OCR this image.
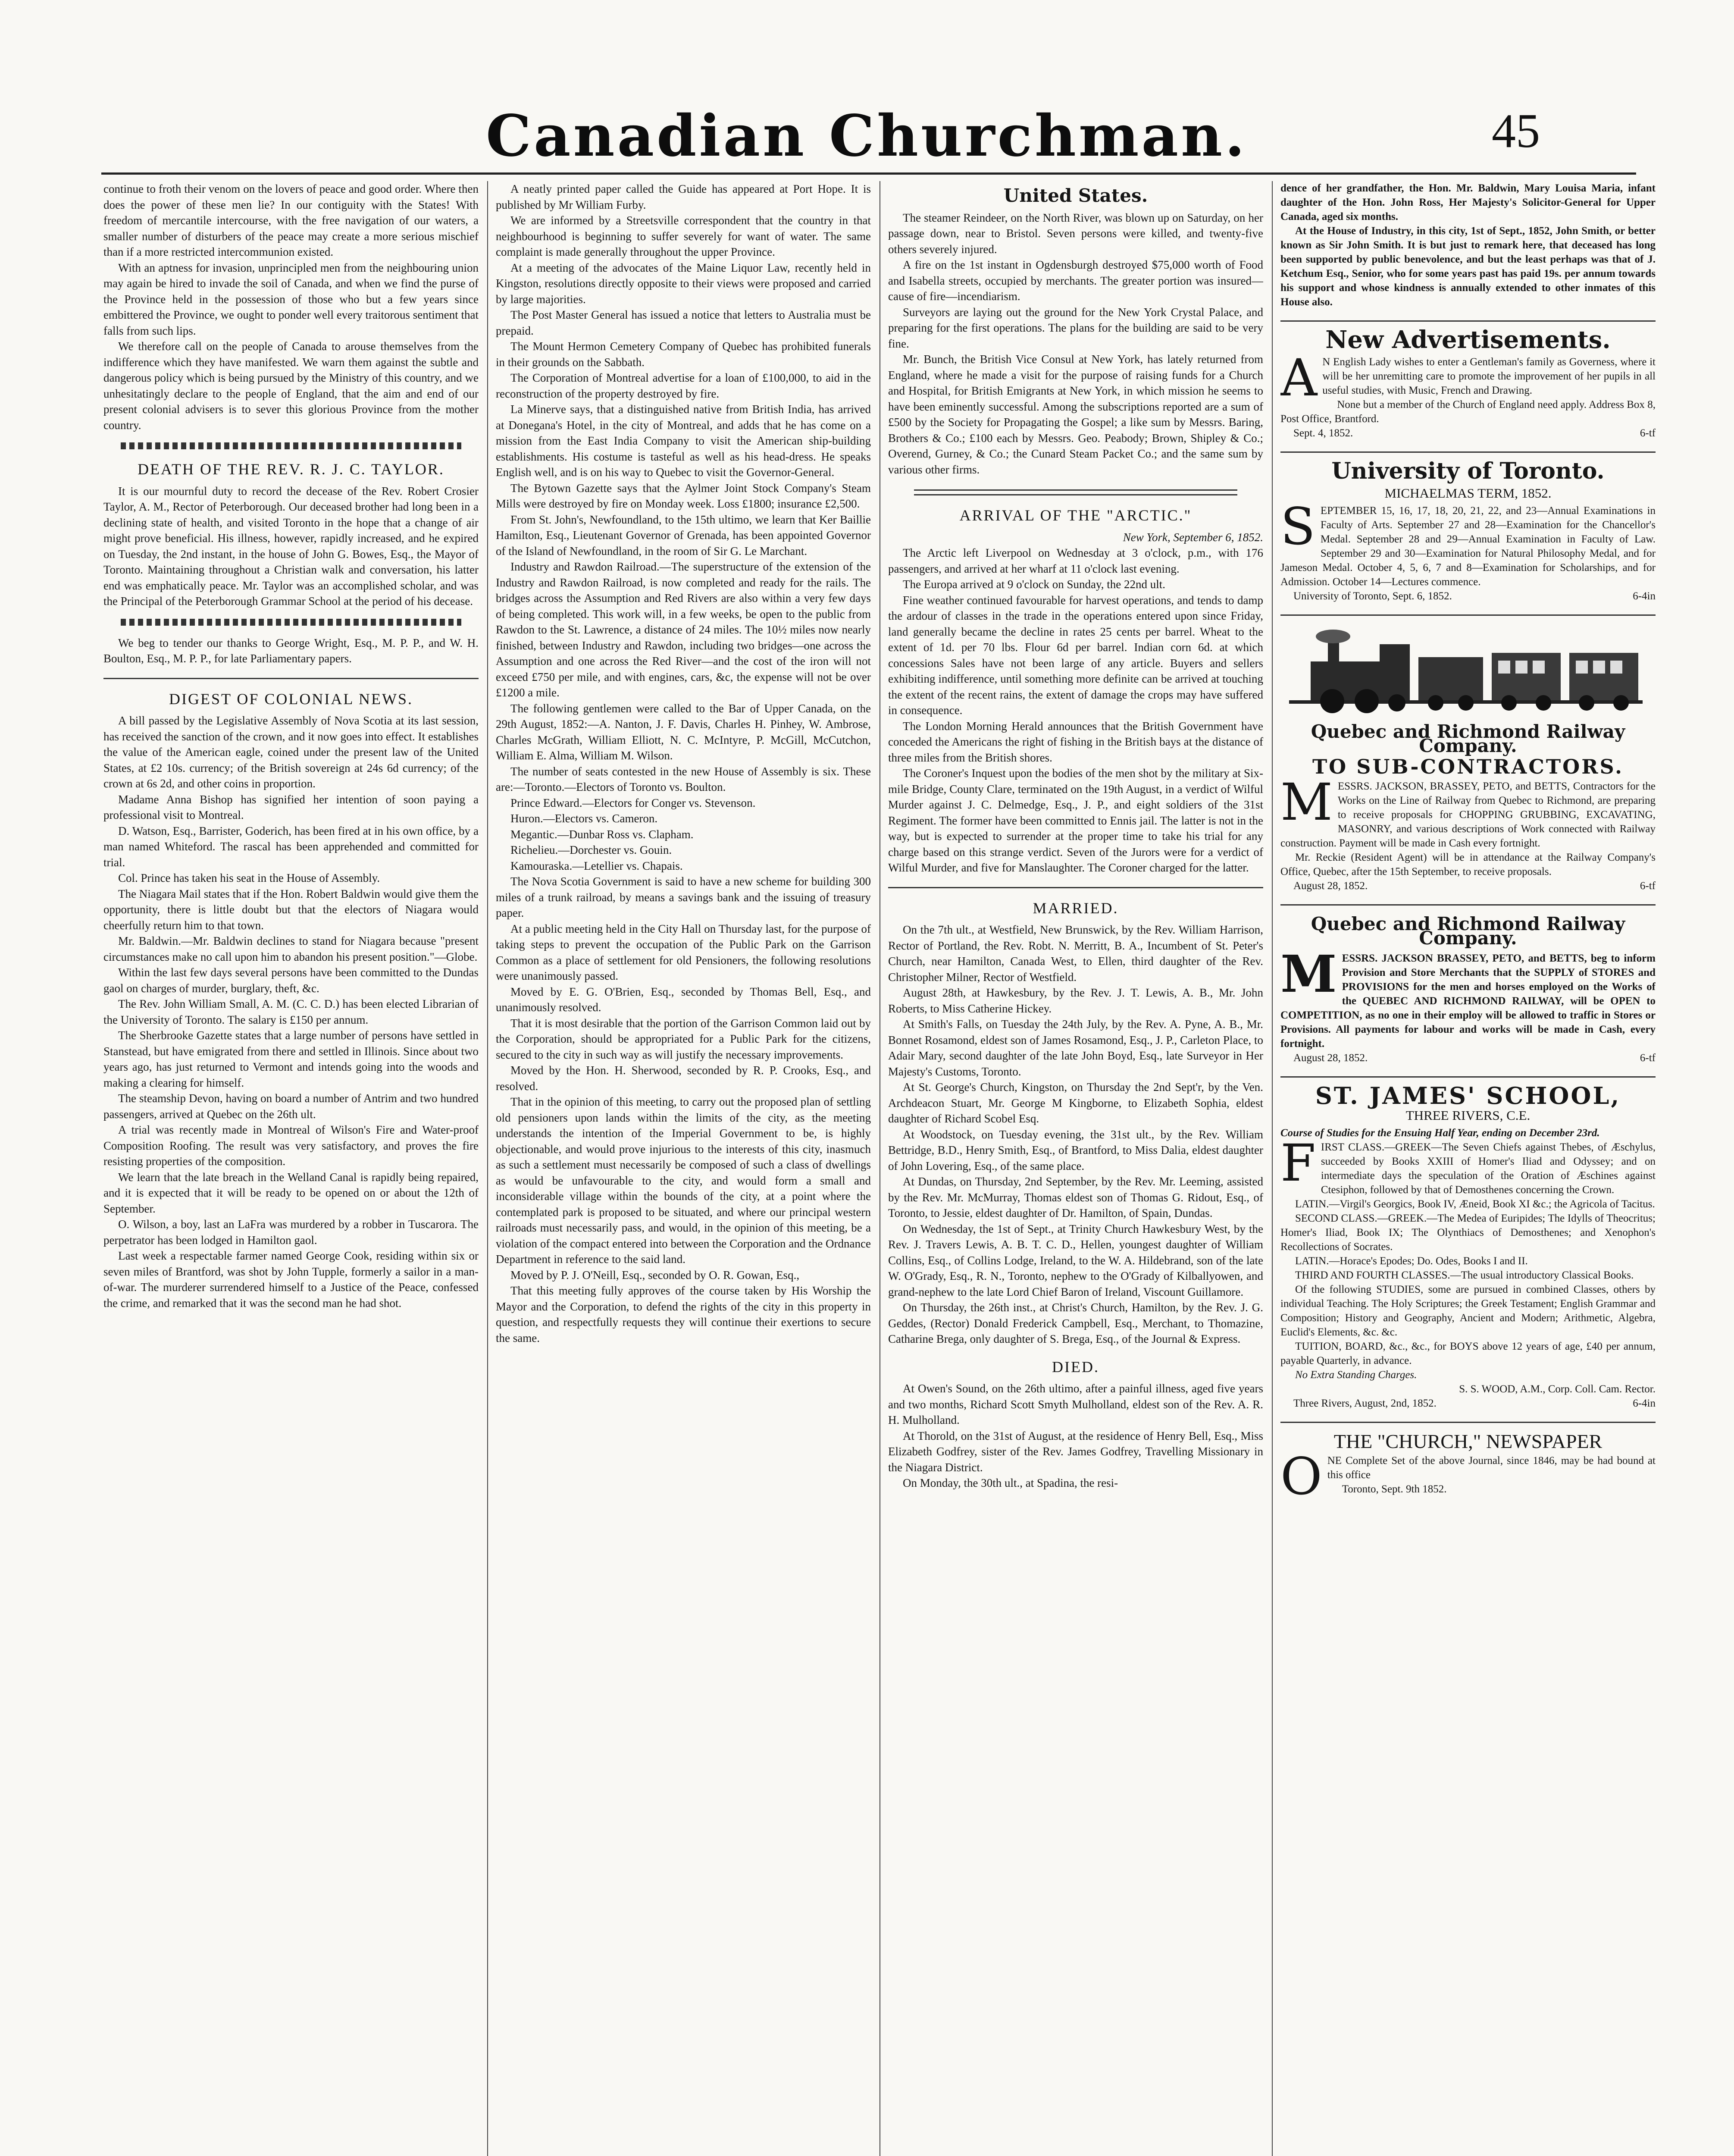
Canadian Churchman.	45

continue to froth their venom on the lovers of peace and good order. Where then does the power of these men lie? In our contiguity with the States! With freedom of mercantile intercourse, with the free navigation of our waters, a smaller number of disturbers of the peace may create a more serious mischief than if a more restricted intercommunion existed.

With an aptness for invasion, unprincipled men from the neighbouring union may again be hired to invade the soil of Canada, and when we find the purse of the Province held in the possession of those who but a few years since embittered the Province, we ought to ponder well every traitorous sentiment that falls from such lips.

We therefore call on the people of Canada to arouse themselves from the indifference which they have manifested. We warn them against the subtle and dangerous policy which is being pursued by the Ministry of this country, and we unhesitatingly declare to the people of England, that the aim and end of our present colonial advisers is to sever this glorious Province from the mother country.

DEATH OF THE REV. R. J. C. TAYLOR.

It is our mournful duty to record the decease of the Rev. Robert Crosier Taylor, A. M., Rector of Peterborough. Our deceased brother had long been in a declining state of health, and visited Toronto in the hope that a change of air might prove beneficial. His illness, however, rapidly increased, and he expired on Tuesday, the 2nd instant, in the house of John G. Bowes, Esq., the Mayor of Toronto. Maintaining throughout a Christian walk and conversation, his latter end was emphatically peace. Mr. Taylor was an accomplished scholar, and was the Principal of the Peterborough Grammar School at the period of his decease.

We beg to tender our thanks to George Wright, Esq., M. P. P., and W. H. Boulton, Esq., M. P. P., for late Parliamentary papers.

DIGEST OF COLONIAL NEWS.

A bill passed by the Legislative Assembly of Nova Scotia at its last session, has received the sanction of the crown, and it now goes into effect. It establishes the value of the American eagle, coined under the present law of the United States, at £2 10s. currency; of the British sovereign at 24s 6d currency; of the crown at 6s 2d, and other coins in proportion.

Madame Anna Bishop has signified her intention of soon paying a professional visit to Montreal.

D. Watson, Esq., Barrister, Goderich, has been fired at in his own office, by a man named Whiteford. The rascal has been apprehended and committed for trial.

Col. Prince has taken his seat in the House of Assembly.

The Niagara Mail states that if the Hon. Robert Baldwin would give them the opportunity, there is little doubt but that the electors of Niagara would cheerfully return him to that town.

Mr. Baldwin.—Mr. Baldwin declines to stand for Niagara because "present circumstances make no call upon him to abandon his present position."—Globe.

Within the last few days several persons have been committed to the Dundas gaol on charges of murder, burglary, theft, &c.

The Rev. John William Small, A. M. (C. C. D.) has been elected Librarian of the University of Toronto. The salary is £150 per annum.

The Sherbrooke Gazette states that a large number of persons have settled in Stanstead, but have emigrated from there and settled in Illinois. Since about two years ago, has just returned to Vermont and intends going into the woods and making a clearing for himself.

The steamship Devon, having on board a number of Antrim and two hundred passengers, arrived at Quebec on the 26th ult.

A trial was recently made in Montreal of Wilson's Fire and Water-proof Composition Roofing. The result was very satisfactory, and proves the fire resisting properties of the composition.

We learn that the late breach in the Welland Canal is rapidly being repaired, and it is expected that it will be ready to be opened on or about the 12th of September.

O. Wilson, a boy, last an LaFra was murdered by a robber in Tuscarora. The perpetrator has been lodged in Hamilton gaol.

Last week a respectable farmer named George Cook, residing within six or seven miles of Brantford, was shot by John Tupple, formerly a sailor in a man-of-war. The murderer surrendered himself to a Justice of the Peace, confessed the crime, and remarked that it was the second man he had shot.

A neatly printed paper called the Guide has appeared at Port Hope. It is published by Mr William Furby.

We are informed by a Streetsville correspondent that the country in that neighbourhood is beginning to suffer severely for want of water. The same complaint is made generally throughout the upper Province.

At a meeting of the advocates of the Maine Liquor Law, recently held in Kingston, resolutions directly opposite to their views were proposed and carried by large majorities.

The Post Master General has issued a notice that letters to Australia must be prepaid.

The Mount Hermon Cemetery Company of Quebec has prohibited funerals in their grounds on the Sabbath.

The Corporation of Montreal advertise for a loan of £100,000, to aid in the reconstruction of the property destroyed by fire.

La Minerve says, that a distinguished native from British India, has arrived at Donegana's Hotel, in the city of Montreal, and adds that he has come on a mission from the East India Company to visit the American ship-building establishments. His costume is tasteful as well as his head-dress. He speaks English well, and is on his way to Quebec to visit the Governor-General.

The Bytown Gazette says that the Aylmer Joint Stock Company's Steam Mills were destroyed by fire on Monday week. Loss £1800; insurance £2,500.

From St. John's, Newfoundland, to the 15th ultimo, we learn that Ker Baillie Hamilton, Esq., Lieutenant Governor of Grenada, has been appointed Governor of the Island of Newfoundland, in the room of Sir G. Le Marchant.

Industry and Rawdon Railroad.—The superstructure of the extension of the Industry and Rawdon Railroad, is now completed and ready for the rails. The bridges across the Assumption and Red Rivers are also within a very few days of being completed. This work will, in a few weeks, be open to the public from Rawdon to the St. Lawrence, a distance of 24 miles. The 10½ miles now nearly finished, between Industry and Rawdon, including two bridges—one across the Assumption and one across the Red River—and the cost of the iron will not exceed £750 per mile, and with engines, cars, &c, the expense will not be over £1200 a mile.

The following gentlemen were called to the Bar of Upper Canada, on the 29th August, 1852:—A. Nanton, J. F. Davis, Charles H. Pinhey, W. Ambrose, Charles McGrath, William Elliott, N. C. McIntyre, P. McGill, McCutchon, William E. Alma, William M. Wilson.

The number of seats contested in the new House of Assembly is six. These are:—Toronto.—Electors of Toronto vs. Boulton.

Prince Edward.—Electors for Conger vs. Stevenson.

Huron.—Electors vs. Cameron.

Megantic.—Dunbar Ross vs. Clapham.

Richelieu.—Dorchester vs. Gouin.

Kamouraska.—Letellier vs. Chapais.

The Nova Scotia Government is said to have a new scheme for building 300 miles of a trunk railroad, by means a savings bank and the issuing of treasury paper.

At a public meeting held in the City Hall on Thursday last, for the purpose of taking steps to prevent the occupation of the Public Park on the Garrison Common as a place of settlement for old Pensioners, the following resolutions were unanimously passed.

Moved by E. G. O'Brien, Esq., seconded by Thomas Bell, Esq., and unanimously resolved.

That it is most desirable that the portion of the Garrison Common laid out by the Corporation, should be appropriated for a Public Park for the citizens, secured to the city in such way as will justify the necessary improvements.

Moved by the Hon. H. Sherwood, seconded by R. P. Crooks, Esq., and resolved.

That in the opinion of this meeting, to carry out the proposed plan of settling old pensioners upon lands within the limits of the city, as the meeting understands the intention of the Imperial Government to be, is highly objectionable, and would prove injurious to the interests of this city, inasmuch as such a settlement must necessarily be composed of such a class of dwellings as would be unfavourable to the city, and would form a small and inconsiderable village within the bounds of the city, at a point where the contemplated park is proposed to be situated, and where our principal western railroads must necessarily pass, and would, in the opinion of this meeting, be a violation of the compact entered into between the Corporation and the Ordnance Department in reference to the said land.

Moved by P. J. O'Neill, Esq., seconded by O. R. Gowan, Esq.,

That this meeting fully approves of the course taken by His Worship the Mayor and the Corporation, to defend the rights of the city in this property in question, and respectfully requests they will continue their exertions to secure the same.

United States.

The steamer Reindeer, on the North River, was blown up on Saturday, on her passage down, near to Bristol. Seven persons were killed, and twenty-five others severely injured.

A fire on the 1st instant in Ogdensburgh destroyed $75,000 worth of Food and Isabella streets, occupied by merchants. The greater portion was insured—cause of fire—incendiarism.

Surveyors are laying out the ground for the New York Crystal Palace, and preparing for the first operations. The plans for the building are said to be very fine.

Mr. Bunch, the British Vice Consul at New York, has lately returned from England, where he made a visit for the purpose of raising funds for a Church and Hospital, for British Emigrants at New York, in which mission he seems to have been eminently successful. Among the subscriptions reported are a sum of £500 by the Society for Propagating the Gospel; a like sum by Messrs. Baring, Brothers & Co.; £100 each by Messrs. Geo. Peabody; Brown, Shipley & Co.; Overend, Gurney, & Co.; the Cunard Steam Packet Co.; and the same sum by various other firms.

ARRIVAL OF THE "ARCTIC."

New York, September 6, 1852.

The Arctic left Liverpool on Wednesday at 3 o'clock, p.m., with 176 passengers, and arrived at her wharf at 11 o'clock last evening.

The Europa arrived at 9 o'clock on Sunday, the 22nd ult.

Fine weather continued favourable for harvest operations, and tends to damp the ardour of classes in the trade in the operations entered upon since Friday, land generally became the decline in rates 25 cents per barrel. Wheat to the extent of 1d. per 70 lbs. Flour 6d per barrel. Indian corn 6d. at which concessions Sales have not been large of any article. Buyers and sellers exhibiting indifference, until something more definite can be arrived at touching the extent of the recent rains, the extent of damage the crops may have suffered in consequence.

The London Morning Herald announces that the British Government have conceded the Americans the right of fishing in the British bays at the distance of three miles from the British shores.

The Coroner's Inquest upon the bodies of the men shot by the military at Six-mile Bridge, County Clare, terminated on the 19th August, in a verdict of Wilful Murder against J. C. Delmedge, Esq., J. P., and eight soldiers of the 31st Regiment. The former have been committed to Ennis jail. The latter is not in the way, but is expected to surrender at the proper time to take his trial for any charge based on this strange verdict. Seven of the Jurors were for a verdict of Wilful Murder, and five for Manslaughter. The Coroner charged for the latter.

MARRIED.

On the 7th ult., at Westfield, New Brunswick, by the Rev. William Harrison, Rector of Portland, the Rev. Robt. N. Merritt, B. A., Incumbent of St. Peter's Church, near Hamilton, Canada West, to Ellen, third daughter of the Rev. Christopher Milner, Rector of Westfield.

August 28th, at Hawkesbury, by the Rev. J. T. Lewis, A. B., Mr. John Roberts, to Miss Catherine Hickey.

At Smith's Falls, on Tuesday the 24th July, by the Rev. A. Pyne, A. B., Mr. Bonnet Rosamond, eldest son of James Rosamond, Esq., J. P., Carleton Place, to Adair Mary, second daughter of the late John Boyd, Esq., late Surveyor in Her Majesty's Customs, Toronto.

At St. George's Church, Kingston, on Thursday the 2nd Sept'r, by the Ven. Archdeacon Stuart, Mr. George M Kingborne, to Elizabeth Sophia, eldest daughter of Richard Scobel Esq.

At Woodstock, on Tuesday evening, the 31st ult., by the Rev. William Bettridge, B.D., Henry Smith, Esq., of Brantford, to Miss Dalia, eldest daughter of John Lovering, Esq., of the same place.

At Dundas, on Thursday, 2nd September, by the Rev. Mr. Leeming, assisted by the Rev. Mr. McMurray, Thomas eldest son of Thomas G. Ridout, Esq., of Toronto, to Jessie, eldest daughter of Dr. Hamilton, of Spain, Dundas.

On Wednesday, the 1st of Sept., at Trinity Church Hawkesbury West, by the Rev. J. Travers Lewis, A. B. T. C. D., Hellen, youngest daughter of William Collins, Esq., of Collins Lodge, Ireland, to the W. A. Hildebrand, son of the late W. O'Grady, Esq., R. N., Toronto, nephew to the O'Grady of Kilballyowen, and grand-nephew to the late Lord Chief Baron of Ireland, Viscount Guillamore.

On Thursday, the 26th inst., at Christ's Church, Hamilton, by the Rev. J. G. Geddes, (Rector) Donald Frederick Campbell, Esq., Merchant, to Thomazine, Catharine Brega, only daughter of S. Brega, Esq., of the Journal & Express.

DIED.

At Owen's Sound, on the 26th ultimo, after a painful illness, aged five years and two months, Richard Scott Smyth Mulholland, eldest son of the Rev. A. R. H. Mulholland.

At Thorold, on the 31st of August, at the residence of Henry Bell, Esq., Miss Elizabeth Godfrey, sister of the Rev. James Godfrey, Travelling Missionary in the Niagara District.

On Monday, the 30th ult., at Spadina, the resi-

dence of her grandfather, the Hon. Mr. Baldwin, Mary Louisa Maria, infant daughter of the Hon. John Ross, Her Majesty's Solicitor-General for Upper Canada, aged six months.

At the House of Industry, in this city, 1st of Sept., 1852, John Smith, or better known as Sir John Smith. It is but just to remark here, that deceased has long been supported by public benevolence, and but the least perhaps was that of J. Ketchum Esq., Senior, who for some years past has paid 19s. per annum towards his support and whose kindness is annually extended to other inmates of this House also.

New Advertisements.

A N English Lady wishes to enter a Gentleman's family as Governess, where it will be her unremitting care to promote the improvement of her pupils in all useful studies, with Music, French and Drawing.

None but a member of the Church of England need apply. Address Box 8, Post Office, Brantford.

Sept. 4, 1852.	6-tf

University of Toronto.
MICHAELMAS TERM, 1852.

SEPTEMBER 15, 16, 17, 18, 20, 21, 22, and 23—Annual Examinations in Faculty of Arts. September 27 and 28—Examination for the Chancellor's Medal. September 28 and 29—Annual Examination in Faculty of Law. September 29 and 30—Examination for Natural Philosophy Medal, and for Jameson Medal. October 4, 5, 6, 7 and 8—Examination for Scholarships, and for Admission. October 14—Lectures commence.

University of Toronto, Sept. 6, 1852.	6-4in

Quebec and Richmond Railway Company.
TO SUB-CONTRACTORS.

MESSRS. JACKSON, BRASSEY, PETO, and BETTS, Contractors for the Works on the Line of Railway from Quebec to Richmond, are preparing to receive proposals for CHOPPING GRUBBING, EXCAVATING, MASONRY, and various descriptions of Work connected with Railway construction. Payment will be made in Cash every fortnight.

Mr. Reckie (Resident Agent) will be in attendance at the Railway Company's Office, Quebec, after the 15th September, to receive proposals.

August 28, 1852.	6-tf

Quebec and Richmond Railway Company.

MESSRS. JACKSON BRASSEY, PETO, and BETTS, beg to inform Provision and Store Merchants that the SUPPLY of STORES and PROVISIONS for the men and horses employed on the Works of the QUEBEC AND RICHMOND RAILWAY, will be OPEN to COMPETITION, as no one in their employ will be allowed to traffic in Stores or Provisions. All payments for labour and works will be made in Cash, every fortnight.

August 28, 1852.	6-tf

ST. JAMES' SCHOOL,
THREE RIVERS, C.E.

Course of Studies for the Ensuing Half Year, ending on December 23rd.

FIRST CLASS.—GREEK—The Seven Chiefs against Thebes, of Æschylus, succeeded by Books XXIII of Homer's Iliad and Odyssey; and on intermediate days the speculation of the Oration of Æschines against Ctesiphon, followed by that of Demosthenes concerning the Crown.

LATIN.—Virgil's Georgics, Book IV, Æneid, Book XI &c.; the Agricola of Tacitus.

SECOND CLASS.—GREEK.—The Medea of Euripides; The Idylls of Theocritus; Homer's Iliad, Book IX; The Olynthiacs of Demosthenes; and Xenophon's Recollections of Socrates.

LATIN.—Horace's Epodes; Do. Odes, Books I and II.

THIRD AND FOURTH CLASSES.—The usual introductory Classical Books.

Of the following STUDIES, some are pursued in combined Classes, others by individual Teaching. The Holy Scriptures; the Greek Testament; English Grammar and Composition; History and Geography, Ancient and Modern; Arithmetic, Algebra, Euclid's Elements, &c. &c.

TUITION, BOARD, &c., &c., for BOYS above 12 years of age, £40 per annum, payable Quarterly, in advance.

No Extra Standing Charges.

S. S. WOOD, A.M., Corp. Coll. Cam. Rector.

Three Rivers, August, 2nd, 1852.	6-4in

THE "CHURCH," NEWSPAPER

ONE Complete Set of the above Journal, since 1846, may be had bound at this office

Toronto, Sept. 9th 1852.
